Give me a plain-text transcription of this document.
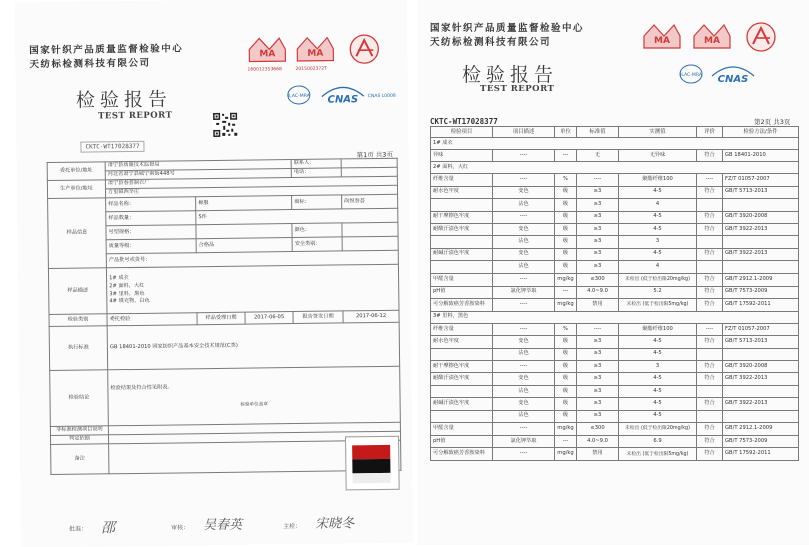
国家针织产品质量监督检验中心
天纺标检测科技有限公司
MA
160012353668
MA
2015002372T
ILAC-MRA CNAS CNAS L0008
检验报告
TEST REPORT
CKTC-WT17028377
第1页 共3页
委托单位/地址	肃宁县质量技术监督局			联系人：	
	河北省肃宁县城宁南街448号			电话：	
生产单位/地址	肃宁县春荟制衣厂				
	万里镇西辛庄				
样品信息	样品名称：	棉服		商标：	尚悦春荟
	样品数量：	5件			
	号型规格：			颜色：	
	质量等级：	合格品		安全类别：	
	产品批号或货号：				
样品描述	1# 成衣
2# 面料，大红
3# 里料，黑色
4# 填充物，白色				

检验类别	委托检验	样品受理日期	2017-06-05	报告签发日期	2017-06-12
执行标准	GB 18401-2010 国家纺织产品基本安全技术规范(C类)				
检验结论	检验结果及符合性见附表。
检验单位盖章				

非标准检测项目说明					
判定依据					
备注					
批准： 邵	审核： 吴春英	主检： 宋晓冬
国家针织产品质量监督检验中心
天纺标检测科技有限公司	MA	MA
ILAC-MRA CNAS
检验报告
TEST REPORT
CKTC-WT17028377	第2页 共3页
检验项目	项目描述	单位	标准值	实测值	评价	检验方法/条件
1# 成衣						
异味	----	---	无	无异味	符合	GB 18401-2010
2# 面料，大红						
纤维含量	----	%	----	聚酯纤维100	----	FZ/T 01057-2007
耐水色牢度	变色	级	≥3	4-5	符合	GB/T 5713-2013
	沾色	级	≥3	4		
耐干摩擦色牢度	----	级	≥3	4-5	符合	GB/T 3920-2008
耐酸汗渍色牢度	变色	级	≥3	4-5	符合	GB/T 3922-2013
	沾色	级	≥3	3		
耐碱汗渍色牢度	变色	级	≥3	4-5	符合	GB/T 3922-2013
	沾色	级	≥3	4		
甲醛含量	----	mg/kg	≤300	未检出 (低于检出限20mg/kg)	符合	GB/T 2912.1-2009
pH值	氯化钾萃取	---	4.0~9.0	5.2	符合	GB/T 7573-2009
可分解致癌芳香胺染料	----	mg/kg	禁用	未检出 (低于检出限5mg/kg)	符合	GB/T 17592-2011
3# 里料，黑色						
纤维含量	----	%	----	聚酯纤维100	----	FZ/T 01057-2007
耐水色牢度	变色	级	≥3	4-5	符合	GB/T 5713-2013
	沾色	级	≥3	4-5		
耐干摩擦色牢度	----	级	≥3	3	符合	GB/T 3920-2008
耐酸汗渍色牢度	变色	级	≥3	4-5	符合	GB/T 3922-2013
	沾色	级	≥3	4-5		
耐碱汗渍色牢度	变色	级	≥3	4-5	符合	GB/T 3922-2013
	沾色	级	≥3	4-5		
甲醛含量	----	mg/kg	≤300	未检出 (低于检出限20mg/kg)	符合	GB/T 2912.1-2009
pH值	氯化钾萃取	---	4.0~9.0	6.9	符合	GB/T 7573-2009
可分解致癌芳香胺染料	----	mg/kg	禁用	未检出 (低于检出限5mg/kg)	符合	GB/T 17592-2011
